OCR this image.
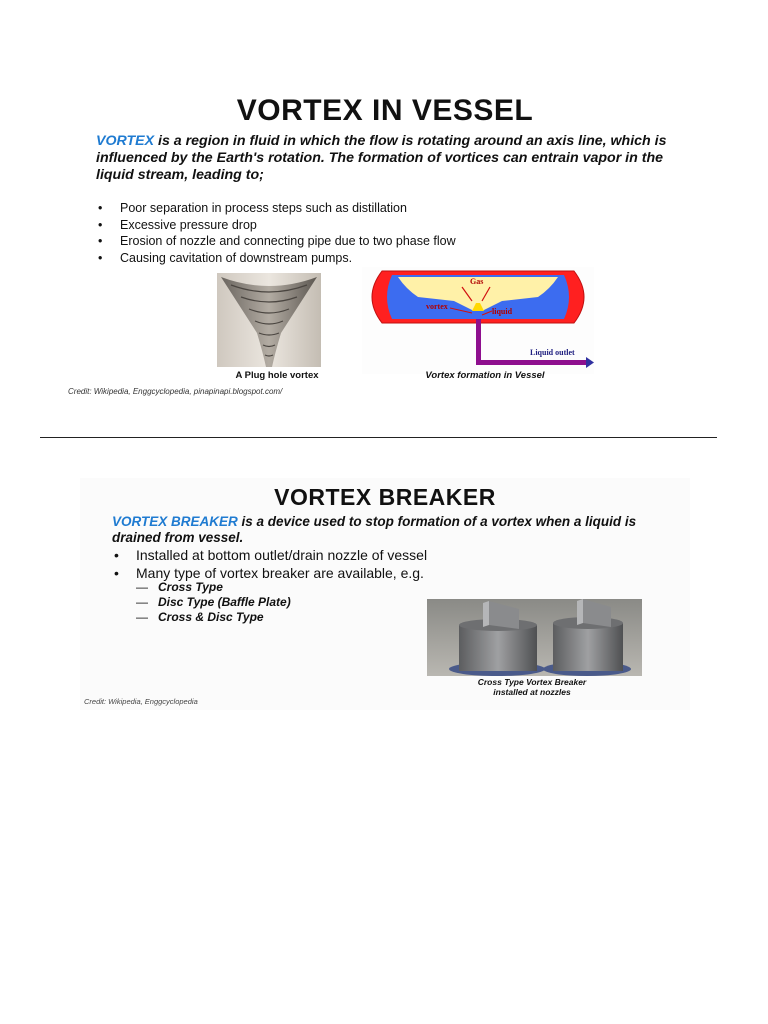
VORTEX IN VESSEL
VORTEX is a region in fluid in which the flow is rotating around an axis line, which is influenced by the Earth's rotation. The formation of vortices can entrain vapor in the liquid stream, leading to;
• Poor separation in process steps such as distillation
• Excessive pressure drop
• Erosion of nozzle and connecting pipe due to two phase flow
• Causing cavitation of downstream pumps.
A Plug hole vortex
Gas
vortex
liquid
Liquid outlet
Vortex formation in Vessel
Credit: Wikipedia, Enggcyclopedia, pinapinapi.blogspot.com/
VORTEX BREAKER
VORTEX BREAKER is a device used to stop formation of a vortex when a liquid is drained from vessel.
• Installed at bottom outlet/drain nozzle of vessel
• Many type of vortex breaker are available, e.g.
— Cross Type
— Disc Type (Baffle Plate)
— Cross & Disc Type
Cross Type Vortex Breaker
installed at nozzles
Credit: Wikipedia, Enggcyclopedia
